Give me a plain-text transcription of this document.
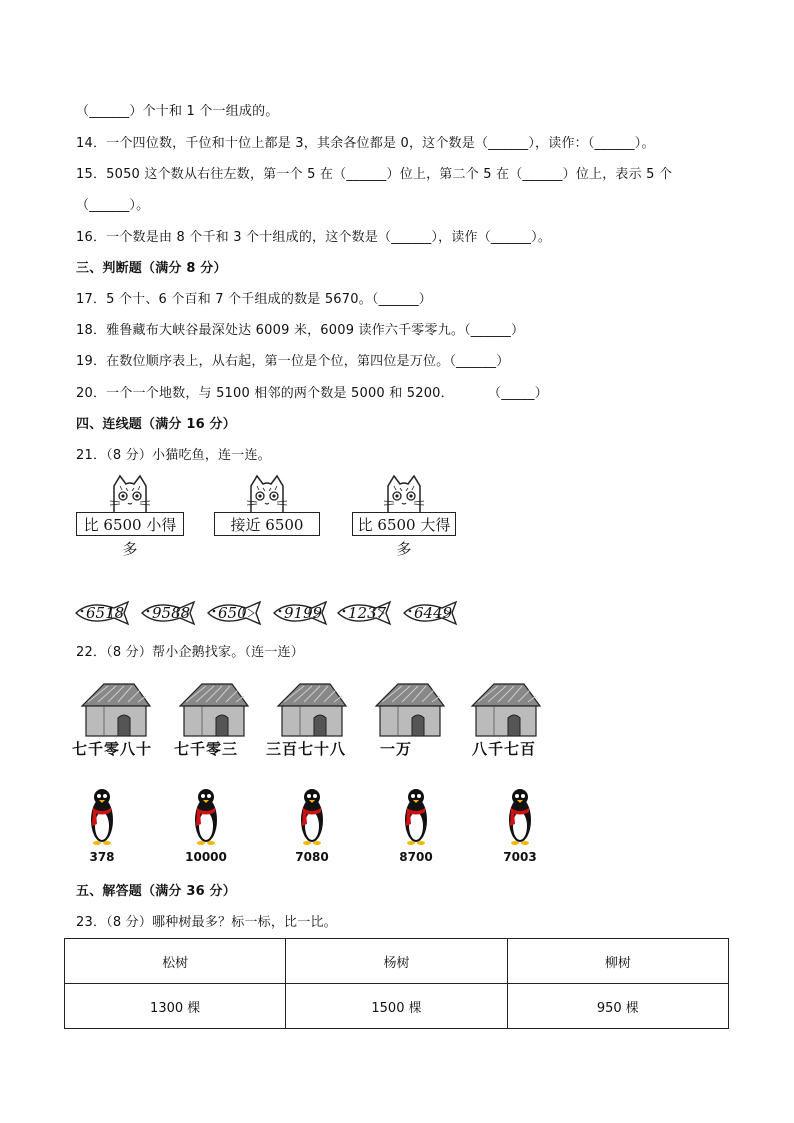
（______）个十和 1 个一组成的。
14．一个四位数，千位和十位上都是 3，其余各位都是 0，这个数是（______），读作：（______）。
15．5050 这个数从右往左数，第一个 5 在（______）位上，第二个 5 在（______）位上，表示 5 个
（______）。
16．一个数是由 8 个千和 3 个十组成的，这个数是（______），读作（______）。
三、判断题（满分 8 分）
17．5 个十、6 个百和 7 个千组成的数是 5670。（______）
18．雅鲁藏布大峡谷最深处达 6009 米，6009 读作六千零零九。（______）
19．在数位顺序表上，从右起，第一位是个位，第四位是万位。（______）
20．一个一个地数，与 5100 相邻的两个数是 5000 和 5200．	（_____）
四、连线题（满分 16 分）
21．（8 分）小猫吃鱼，连一连。
比 6500 小得多
接近 6500	比 6500 大得多
6518 9588 650 9199 1237 6449
22．（8 分）帮小企鹅找家。（连一连）
七千零八十 七千零三 三百七十八 一万	八千七百
378	10000	7080	8700	7003
五、解答题（满分 36 分）
23．（8 分）哪种树最多？标一标，比一比。
松树	杨树	柳树
1300 棵	1500 棵	950 棵
